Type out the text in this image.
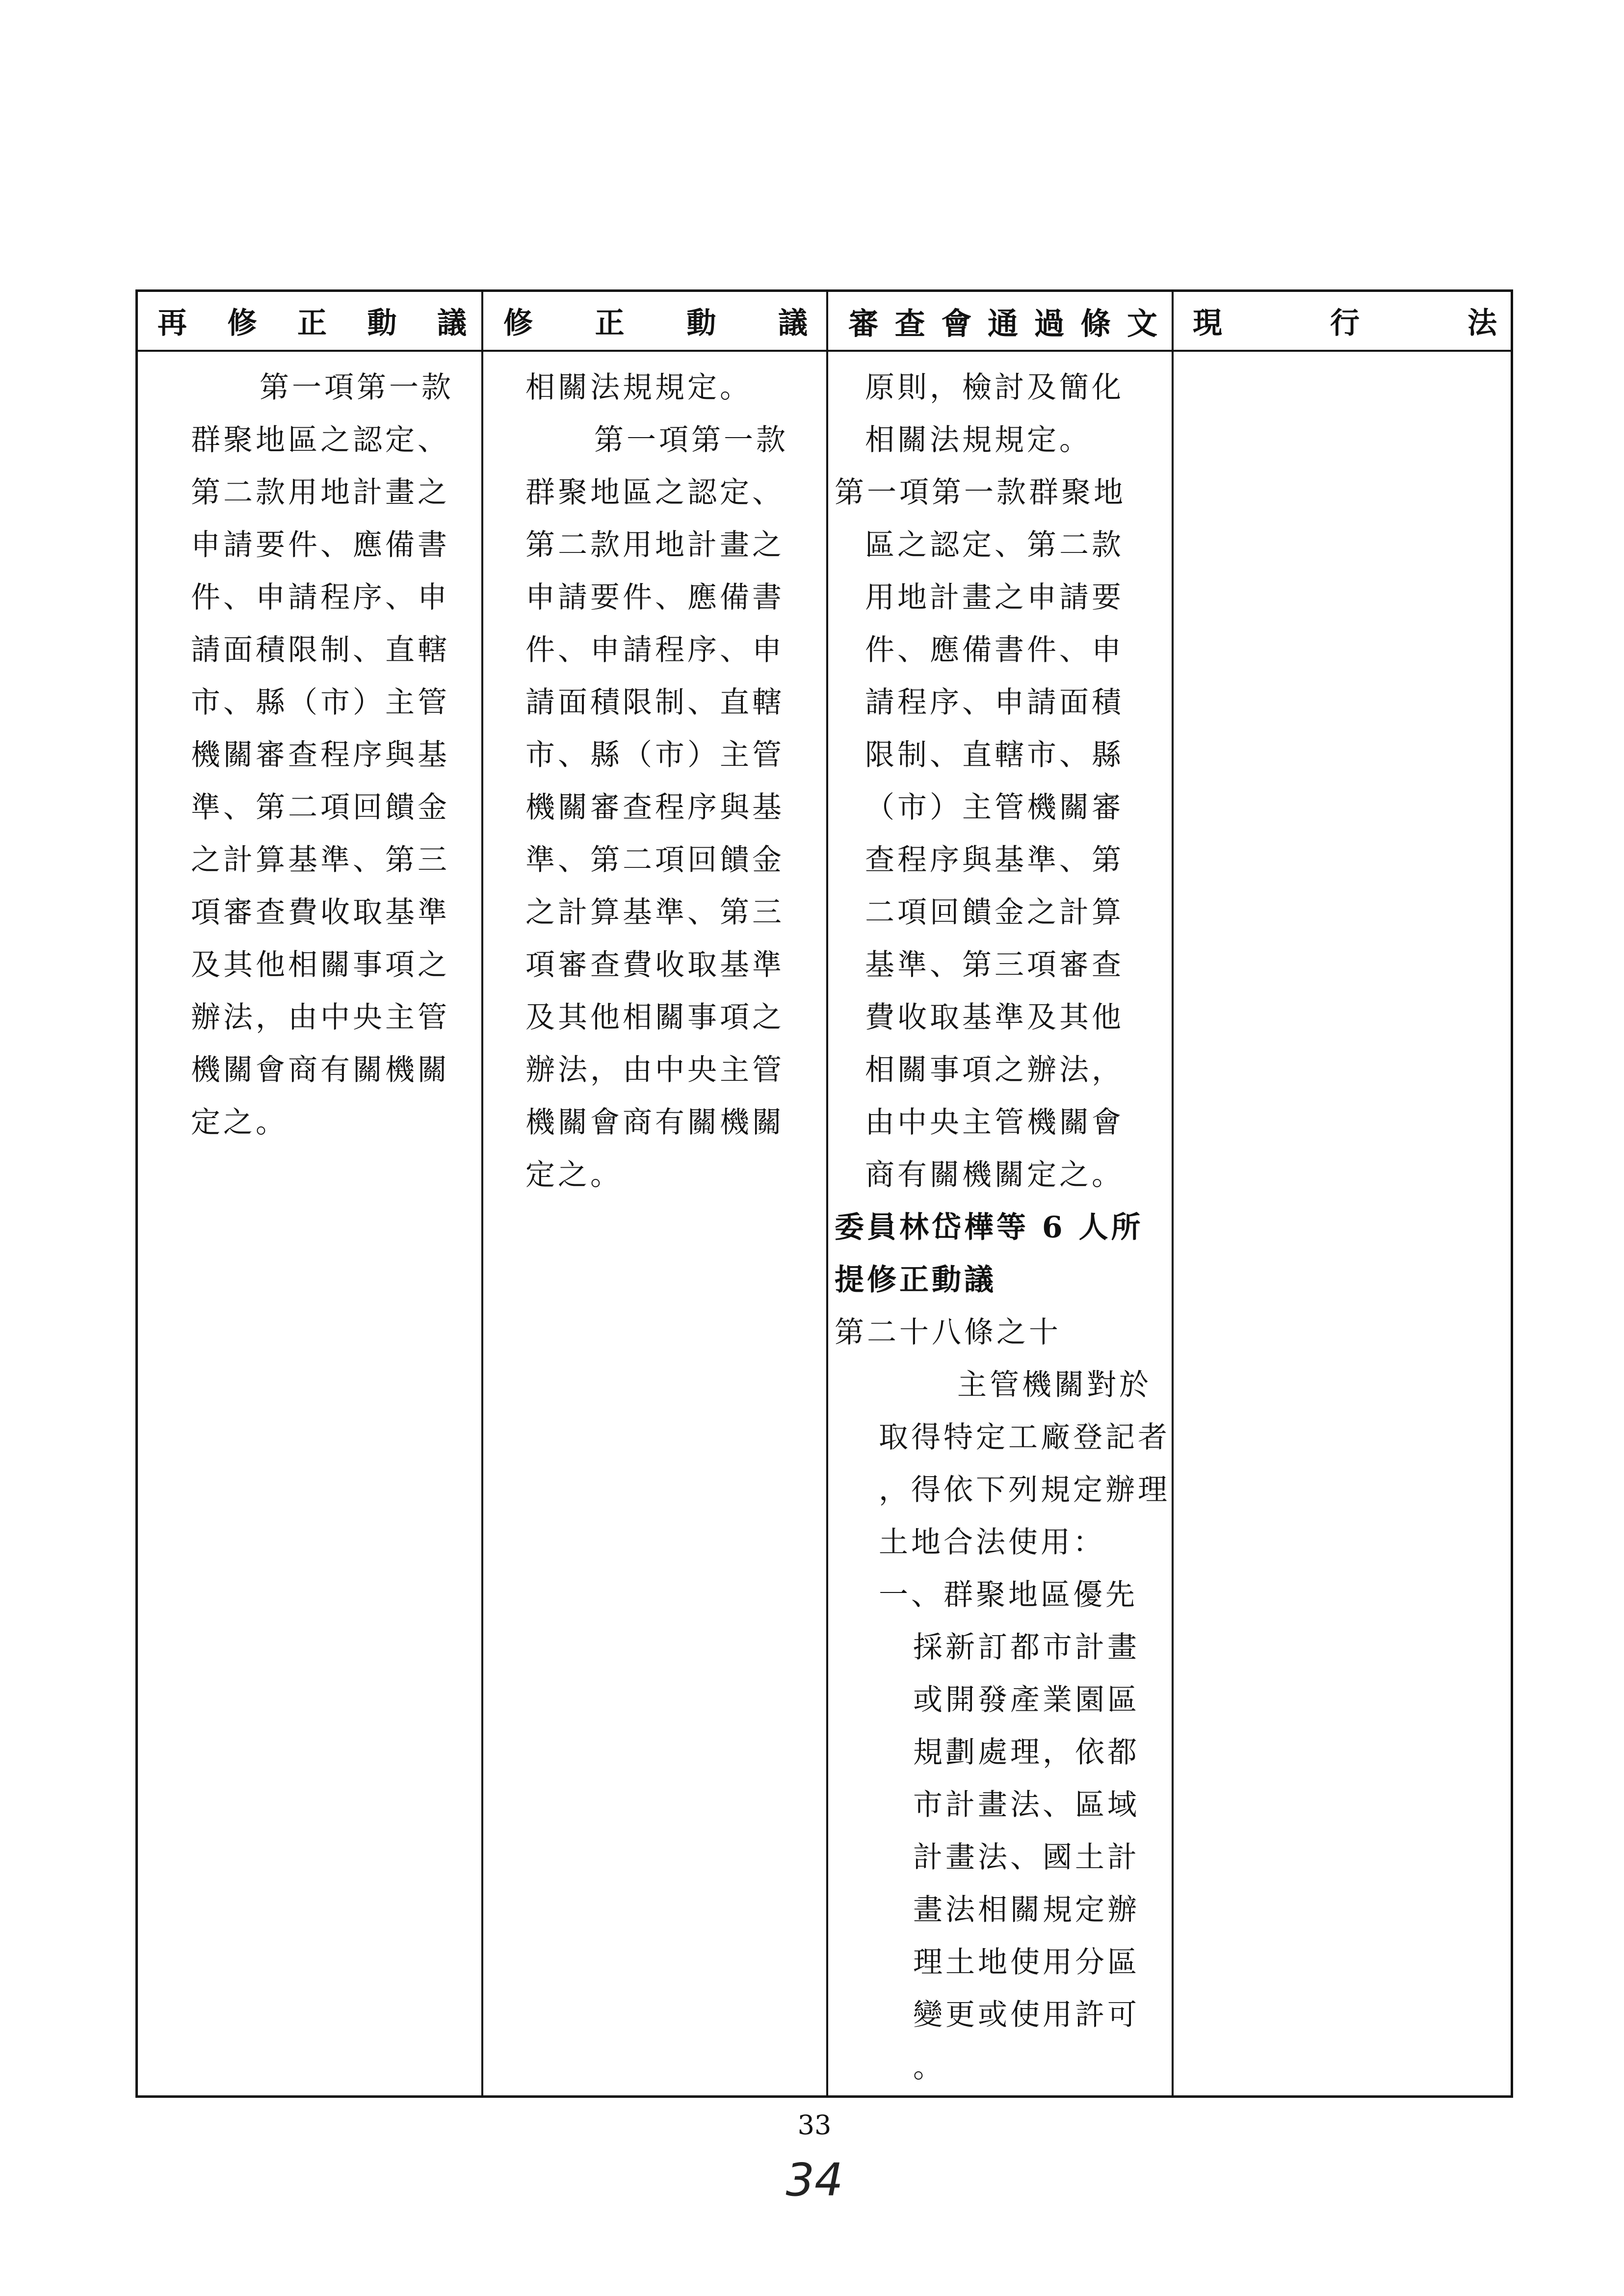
再 修 正 動 議 修 正 動 議 審 查 會 通 過 條 文 現	行	法
第一項第一款
群聚地區之認定、
第二款用地計畫之
申請要件、應備書
件、申請程序、申
請面積限制、直轄
市、縣（市）主管
機關審查程序與基
準、第二項回饋金
之計算基準、第三
項審查費收取基準
及其他相關事項之
辦法，由中央主管
機關會商有關機關
定之。
相關法規規定。
第一項第一款
群聚地區之認定、
第二款用地計畫之
申請要件、應備書
件、申請程序、申
請面積限制、直轄
市、縣（市）主管
機關審查程序與基
準、第二項回饋金
之計算基準、第三
項審查費收取基準
及其他相關事項之
辦法，由中央主管
機關會商有關機關
定之。
原則，檢討及簡化
相關法規規定。
第一項第一款群聚地
區之認定、第二款
用地計畫之申請要
件、應備書件、申
請程序、申請面積
限制、直轄市、縣
（市）主管機關審
查程序與基準、第
二項回饋金之計算
基準、第三項審查
費收取基準及其他
相關事項之辦法，
由中央主管機關會
商有關機關定之。
委員林岱樺等 6 人所
提修正動議
第二十八條之十
主管機關對於
取得特定工廠登記者
，得依下列規定辦理
土地合法使用：
一、群聚地區優先
採新訂都市計畫
或開發產業園區
規劃處理，依都
市計畫法、區域
計畫法、國土計
畫法相關規定辦
理土地使用分區
變更或使用許可
。
33
34
